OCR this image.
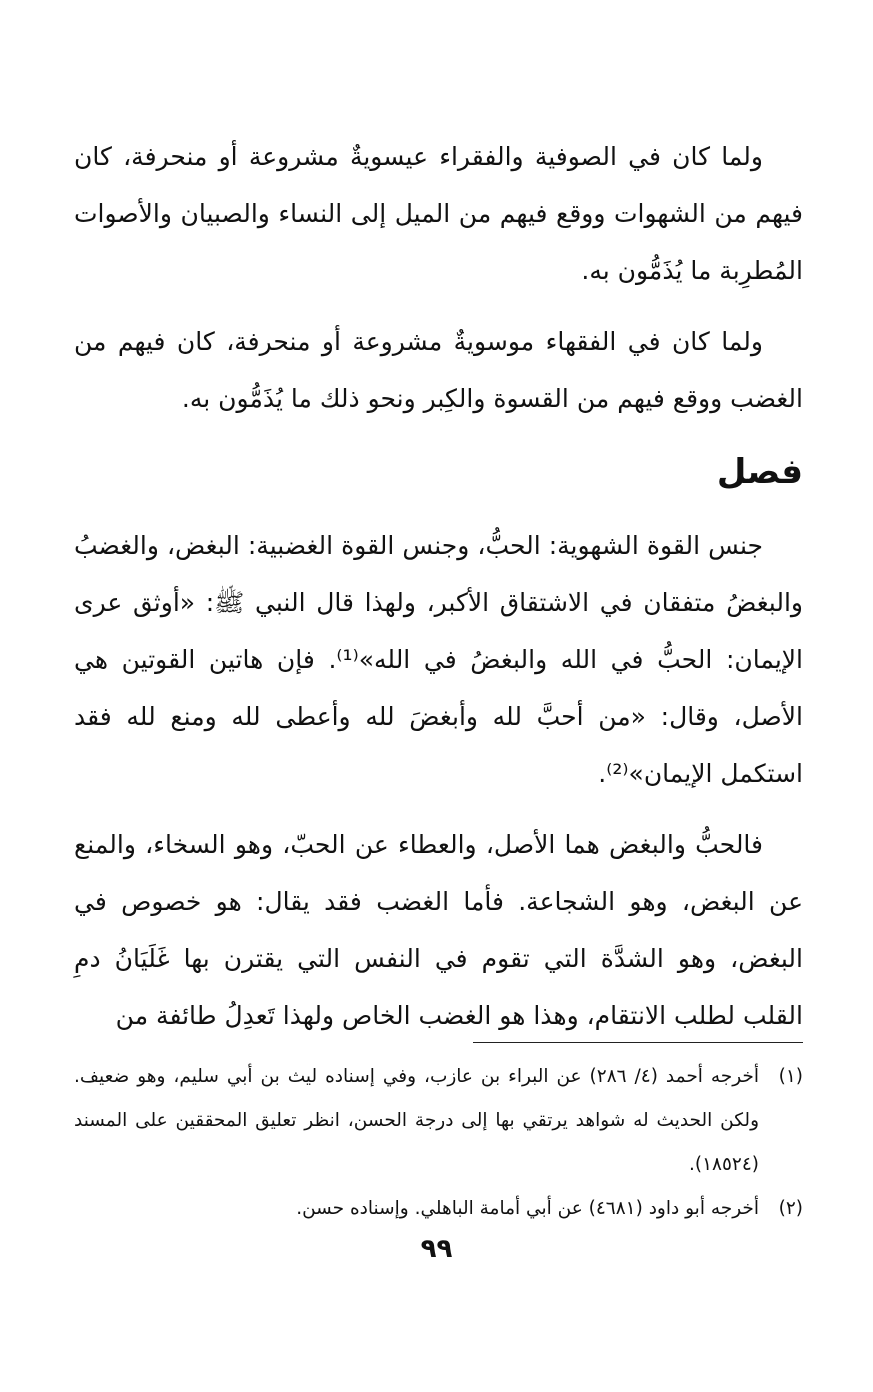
ولما كان في الصوفية والفقراء عيسويةٌ مشروعة أو منحرفة، كان فيهم من الشهوات ووقع فيهم من الميل إلى النساء والصبيان والأصوات المُطرِبة ما يُذَمُّون به.

ولما كان في الفقهاء موسويةٌ مشروعة أو منحرفة، كان فيهم من الغضب ووقع فيهم من القسوة والكِبر ونحو ذلك ما يُذَمُّون به.

فصل

جنس القوة الشهوية: الحبُّ، وجنس القوة الغضبية: البغض، والغضبُ والبغضُ متفقان في الاشتقاق الأكبر، ولهذا قال النبي ﷺ: «أوثق عرى الإيمان: الحبُّ في الله والبغضُ في الله»⁽¹⁾. فإن هاتين القوتين هي الأصل، وقال: «من أحبَّ لله وأبغضَ لله وأعطى لله ومنع لله فقد استكمل الإيمان»⁽²⁾.

فالحبُّ والبغض هما الأصل، والعطاء عن الحبّ، وهو السخاء، والمنع عن البغض، وهو الشجاعة. فأما الغضب فقد يقال: هو خصوص في البغض، وهو الشدَّة التي تقوم في النفس التي يقترن بها غَلَيَانُ دمِ القلب لطلب الانتقام، وهذا هو الغضب الخاص ولهذا تَعدِلُ طائفة من

(١)
أخرجه أحمد (٤/ ٢٨٦) عن البراء بن عازب، وفي إسناده ليث بن أبي سليم، وهو ضعيف. ولكن الحديث له شواهد يرتقي بها إلى درجة الحسن، انظر تعليق المحققين على المسند (١٨٥٢٤).
(٢)
أخرجه أبو داود (٤٦٨١) عن أبي أمامة الباهلي. وإسناده حسن.
٩٩
